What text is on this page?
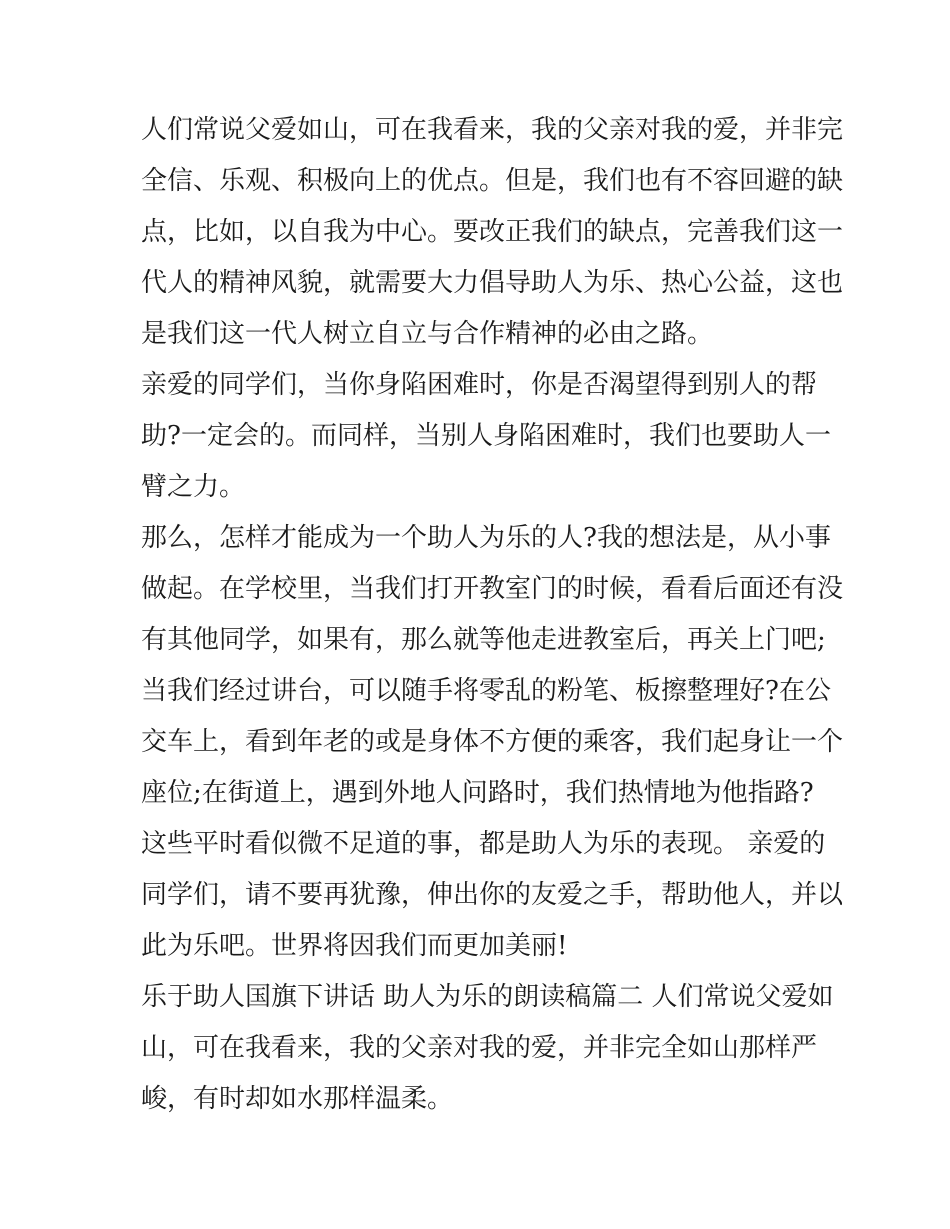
人们常说父爱如山，可在我看来，我的父亲对我的爱，并非完
全信、乐观、积极向上的优点。但是，我们也有不容回避的缺
点，比如，以自我为中心。要改正我们的缺点，完善我们这一
代人的精神风貌，就需要大力倡导助人为乐、热心公益，这也
是我们这一代人树立自立与合作精神的必由之路。
亲爱的同学们，当你身陷困难时，你是否渴望得到别人的帮
助?一定会的。而同样，当别人身陷困难时，我们也要助人一
臂之力。
那么，怎样才能成为一个助人为乐的人?我的想法是，从小事
做起。在学校里，当我们打开教室门的时候，看看后面还有没
有其他同学，如果有，那么就等他走进教室后，再关上门吧;
当我们经过讲台，可以随手将零乱的粉笔、板擦整理好?在公
交车上，看到年老的或是身体不方便的乘客，我们起身让一个
座位;在街道上，遇到外地人问路时，我们热情地为他指路?
这些平时看似微不足道的事，都是助人为乐的表现。 亲爱的
同学们，请不要再犹豫，伸出你的友爱之手，帮助他人，并以
此为乐吧。世界将因我们而更加美丽!
乐于助人国旗下讲话 助人为乐的朗读稿篇二 人们常说父爱如
山，可在我看来，我的父亲对我的爱，并非完全如山那样严
峻，有时却如水那样温柔。
